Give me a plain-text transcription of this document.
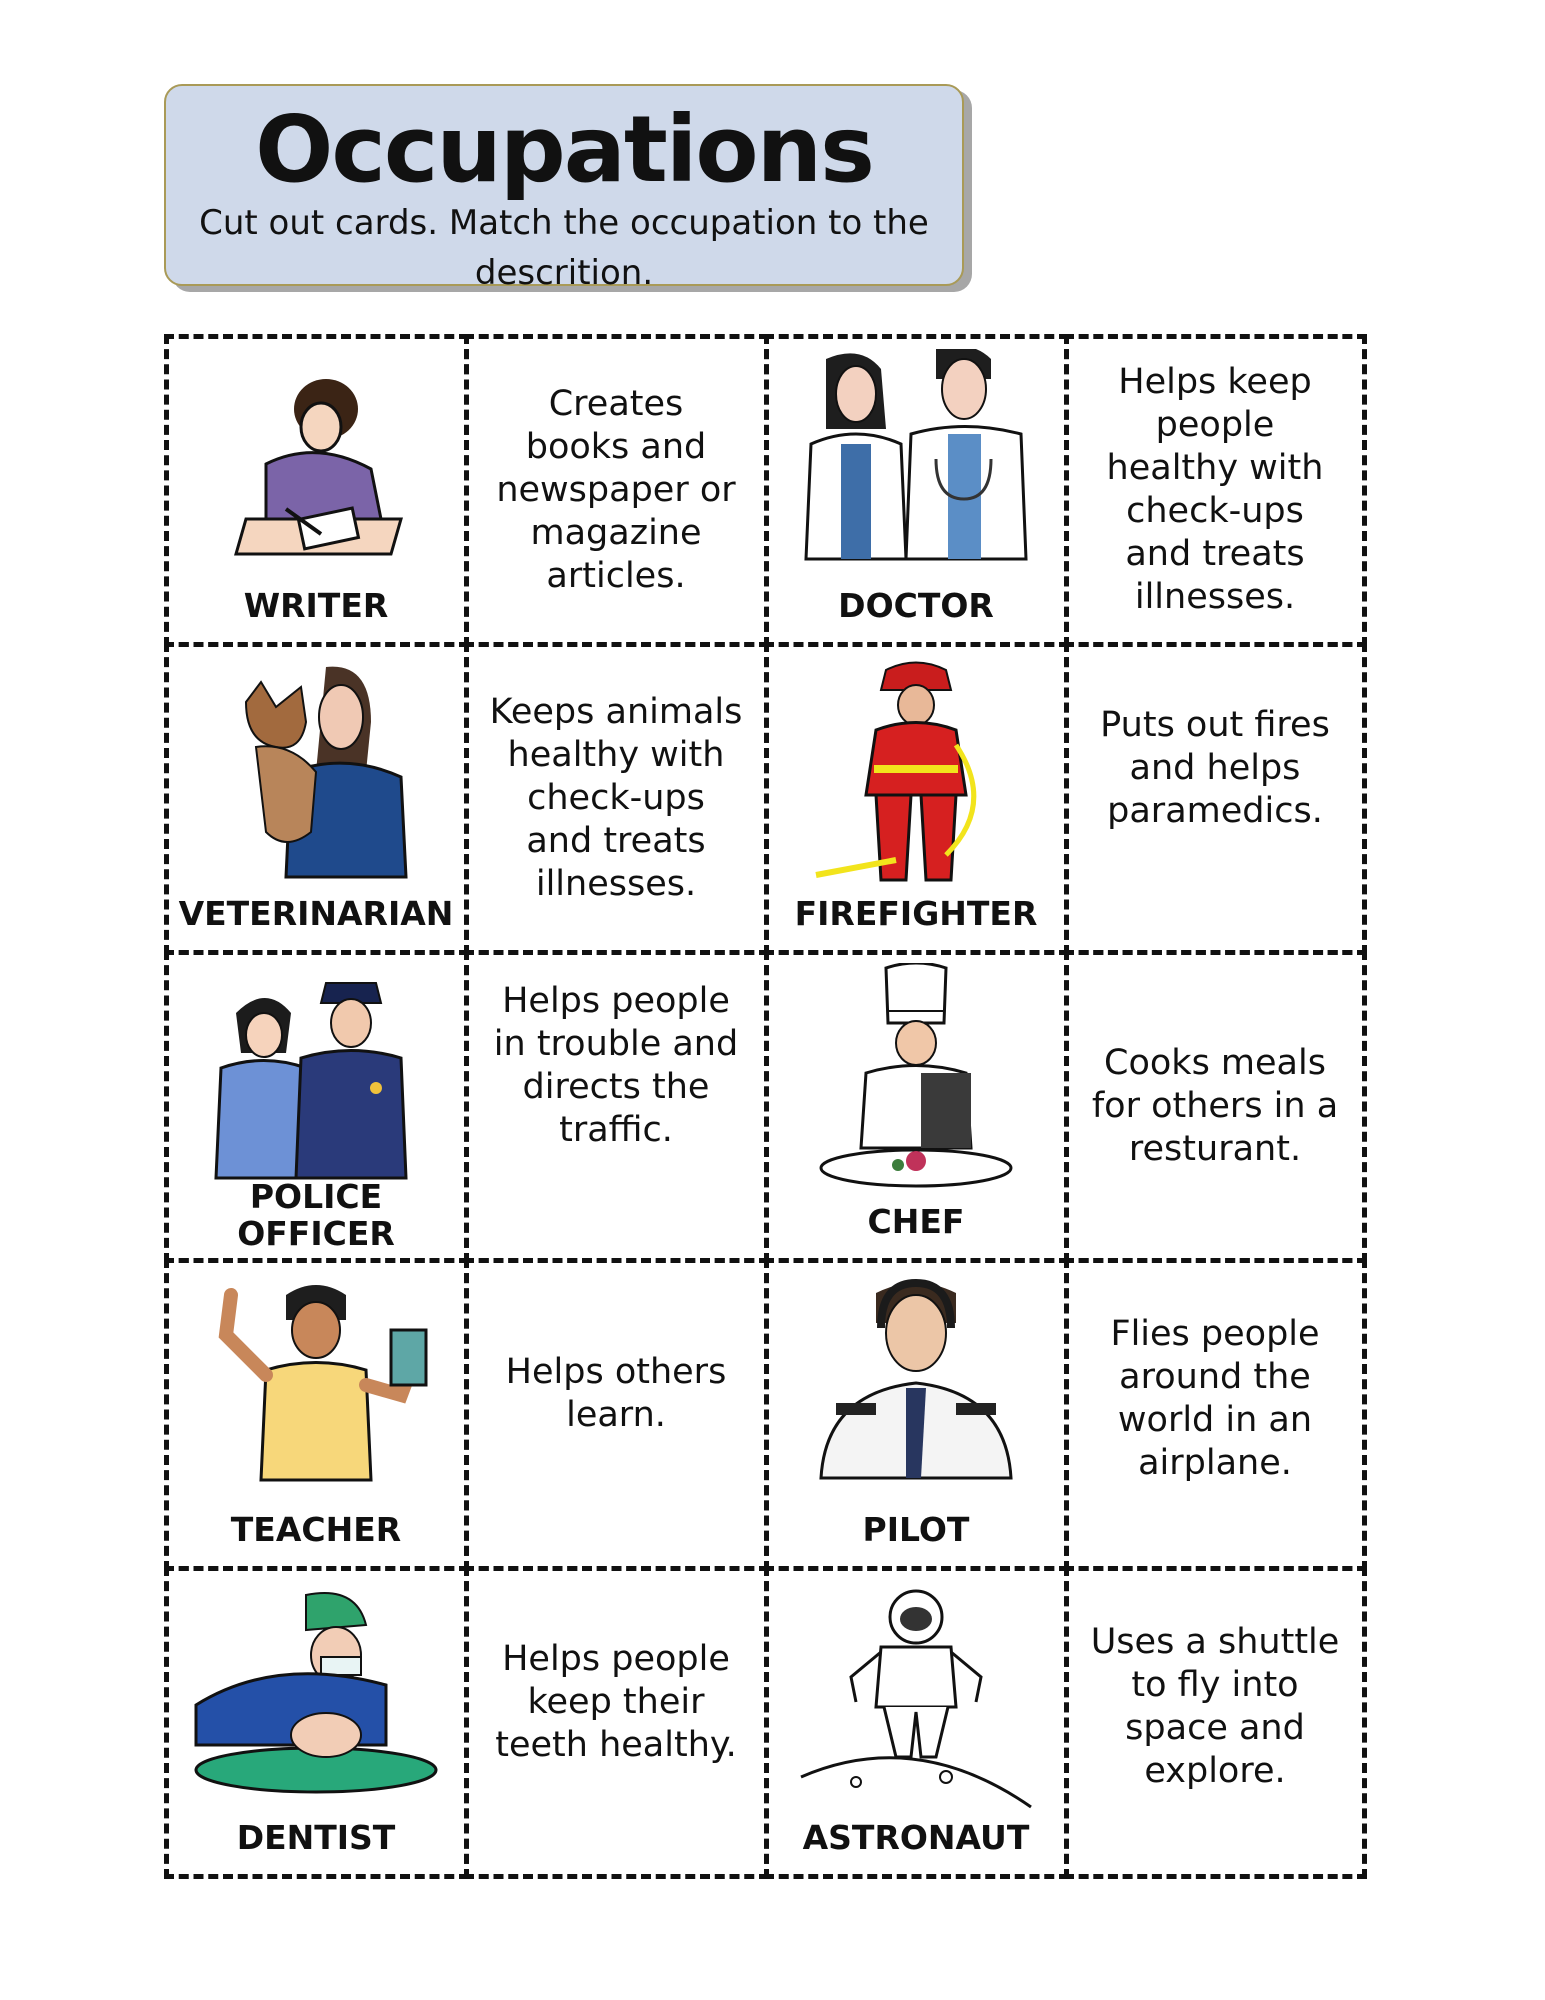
Occupations
Cut out cards. Match the occupation to the descrition.
WRITER
Creates
books and
newspaper or
magazine
articles.
DOCTOR
Helps keep
people
healthy with
check-ups
and treats
illnesses.
VETERINARIAN
Keeps animals
healthy with
check-ups
and treats
illnesses.
FIREFIGHTER
Puts out fires
and helps
paramedics.
POLICE OFFICER
Helps people
in trouble and
directs the
traffic.
CHEF
Cooks meals
for others in a
resturant.
TEACHER
Helps others
learn.
PILOT
Flies people
around the
world in an
airplane.
DENTIST
Helps people
keep their
teeth healthy.
ASTRONAUT
Uses a shuttle
to fly into
space and
explore.
